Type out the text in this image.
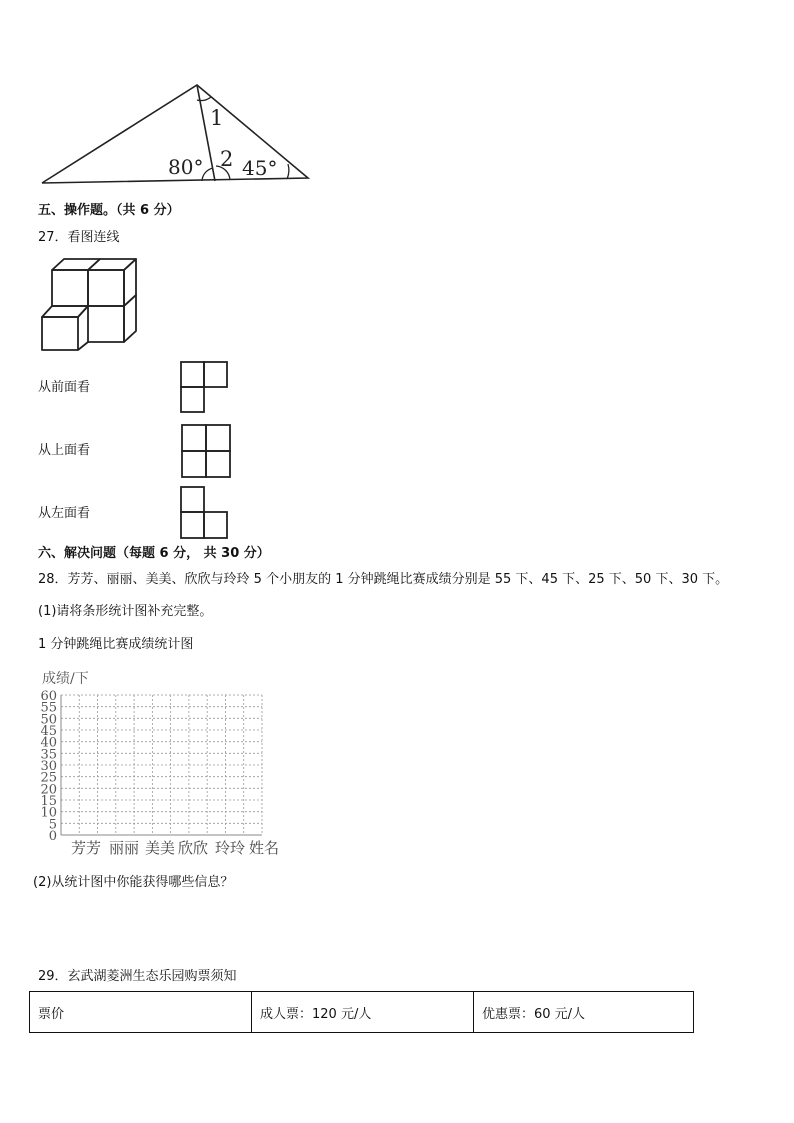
1
80° 2 45°
五、操作题。（共 6 分）
27．看图连线
从前面看
从上面看
从左面看
六、解决问题（每题 6 分， 共 30 分）
28．芳芳、丽丽、美美、欣欣与玲玲 5 个小朋友的 1 分钟跳绳比赛成绩分别是 55 下、45 下、25 下、50 下、30 下。
(1)请将条形统计图补充完整。
1 分钟跳绳比赛成绩统计图
成绩/下
0
5
10
15
20
25
30
35
40
45
50
55
60
芳芳 丽丽 美美 欣欣 玲玲 姓名
(2)从统计图中你能获得哪些信息？
29．玄武湖菱洲生态乐园购票须知
票价	成人票：120 元/人	优惠票：60 元/人
